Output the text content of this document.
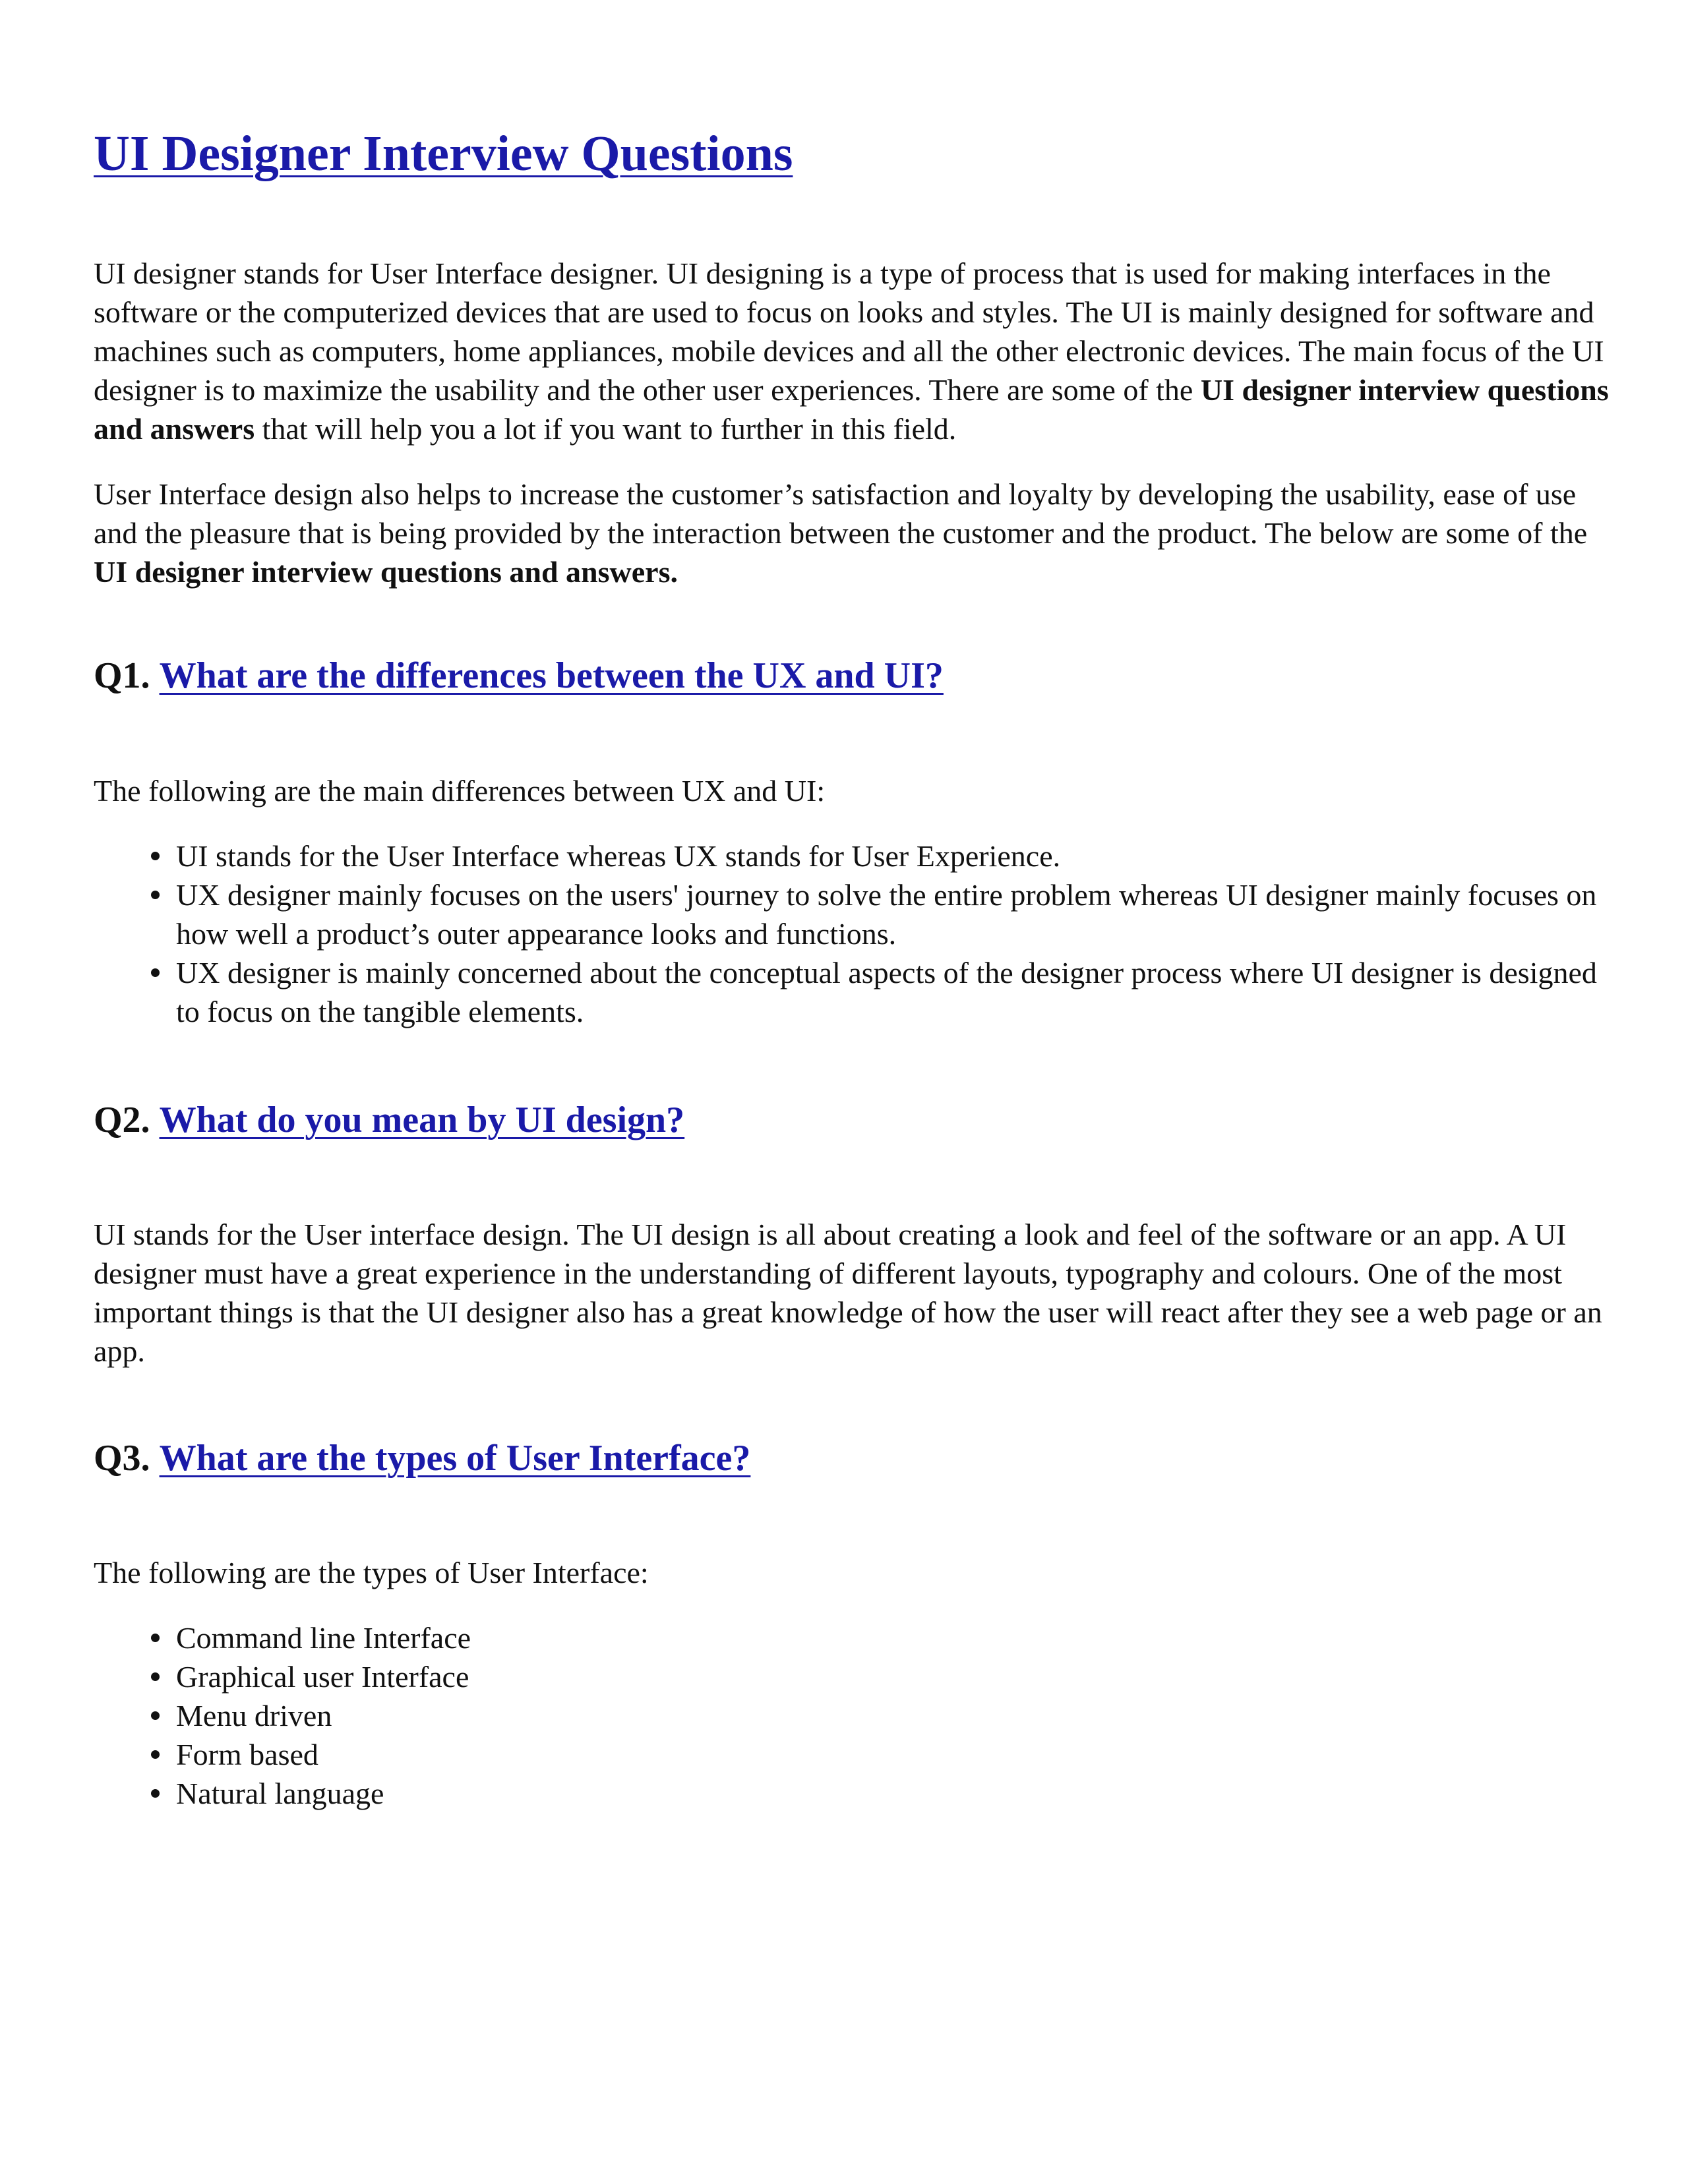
UI Designer Interview Questions

UI designer stands for User Interface designer. UI designing is a type of process that is used for making interfaces in the software or the computerized devices that are used to focus on looks and styles. The UI is mainly designed for software and machines such as computers, home appliances, mobile devices and all the other electronic devices. The main focus of the UI designer is to maximize the usability and the other user experiences. There are some of the UI designer interview questions and answers that will help you a lot if you want to further in this field.

User Interface design also helps to increase the customer’s satisfaction and loyalty by developing the usability, ease of use and the pleasure that is being provided by the interaction between the customer and the product. The below are some of the UI designer interview questions and answers.

Q1. What are the differences between the UX and UI?

The following are the main differences between UX and UI:

UI stands for the User Interface whereas UX stands for User Experience.
UX designer mainly focuses on the users' journey to solve the entire problem whereas UI designer mainly focuses on how well a product’s outer appearance looks and functions.
UX designer is mainly concerned about the conceptual aspects of the designer process where UI designer is designed to focus on the tangible elements.
Q2. What do you mean by UI design?

UI stands for the User interface design. The UI design is all about creating a look and feel of the software or an app. A UI designer must have a great experience in the understanding of different layouts, typography and colours. One of the most important things is that the UI designer also has a great knowledge of how the user will react after they see a web page or an app.

Q3. What are the types of User Interface?

The following are the types of User Interface:

Command line Interface
Graphical user Interface
Menu driven
Form based
Natural language
